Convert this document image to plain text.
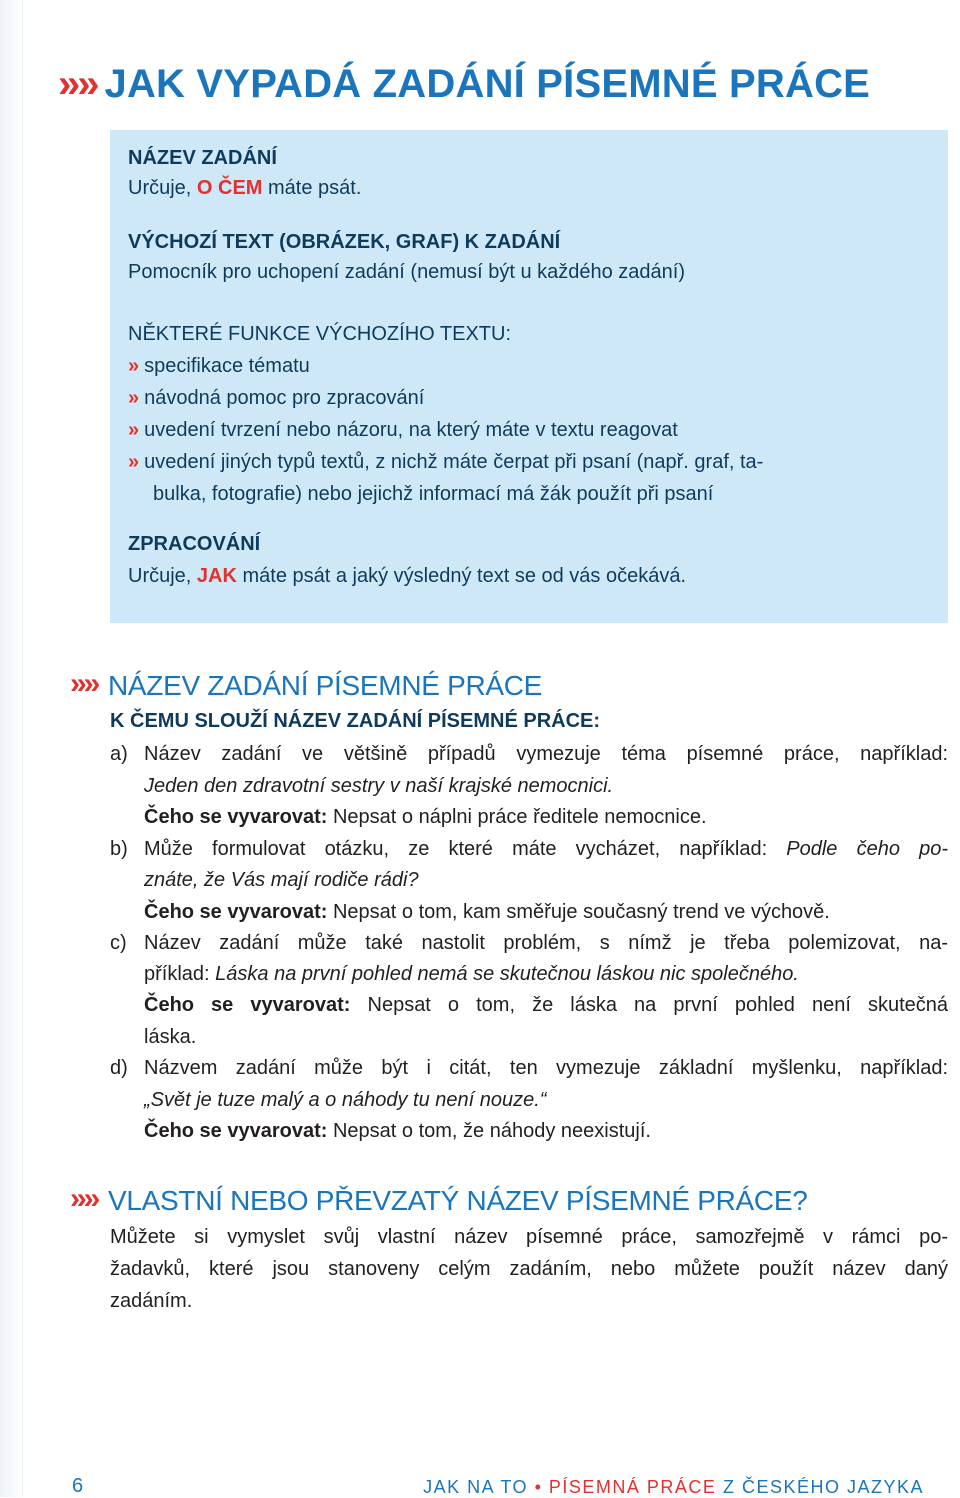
»» JAK VYPADÁ ZADÁNÍ PÍSEMNÉ PRÁCE
NÁZEV ZADÁNÍ
Určuje, O ČEM máte psát.
VÝCHOZÍ TEXT (OBRÁZEK, GRAF) K ZADÁNÍ
Pomocník pro uchopení zadání (nemusí být u každého zadání)
NĚKTERÉ FUNKCE VÝCHOZÍHO TEXTU:
» specifikace tématu
» návodná pomoc pro zpracování
» uvedení tvrzení nebo názoru, na který máte v textu reagovat
» uvedení jiných typů textů, z nichž máte čerpat při psaní (např. graf, ta-
bulka, fotografie) nebo jejichž informací má žák použít při psaní
ZPRACOVÁNÍ
Určuje, JAK máte psát a jaký výsledný text se od vás očekává.
»» NÁZEV ZADÁNÍ PÍSEMNÉ PRÁCE
K ČEMU SLOUŽÍ NÁZEV ZADÁNÍ PÍSEMNÉ PRÁCE:
a) Název zadání ve většině případů vymezuje téma písemné práce, například:
Jeden den zdravotní sestry v naší krajské nemocnici.
Čeho se vyvarovat: Nepsat o náplni práce ředitele nemocnice.
b) Může formulovat otázku, ze které máte vycházet, například: Podle čeho po-
znáte, že Vás mají rodiče rádi?
Čeho se vyvarovat: Nepsat o tom, kam směřuje současný trend ve výchově.
c) Název zadání může také nastolit problém, s nímž je třeba polemizovat, na-
příklad: Láska na první pohled nemá se skutečnou láskou nic společného.
Čeho se vyvarovat: Nepsat o tom, že láska na první pohled není skutečná
láska.
d) Názvem zadání může být i citát, ten vymezuje základní myšlenku, například:
„Svět je tuze malý a o náhody tu není nouze.“
Čeho se vyvarovat: Nepsat o tom, že náhody neexistují.
»» VLASTNÍ NEBO PŘEVZATÝ NÁZEV PÍSEMNÉ PRÁCE?
Můžete si vymyslet svůj vlastní název písemné práce, samozřejmě v rámci po-
žadavků, které jsou stanoveny celým zadáním, nebo můžete použít název daný
zadáním.
6	JAK NA TO • PÍSEMNÁ PRÁCE Z ČESKÉHO JAZYKA
